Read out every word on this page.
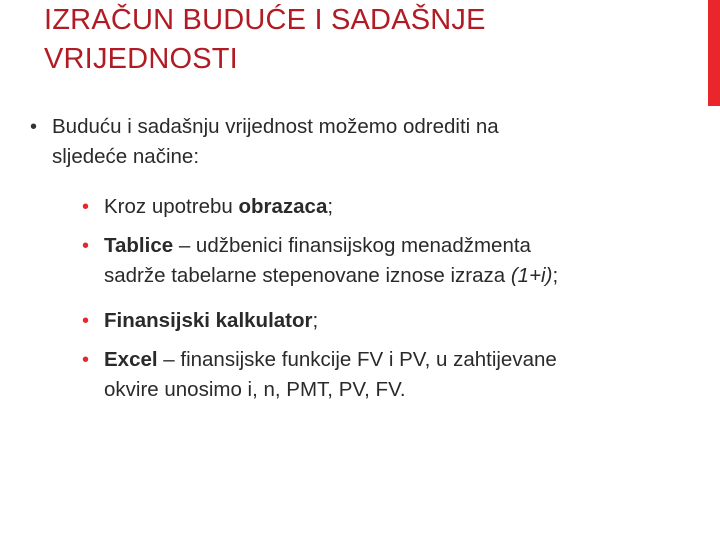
IZRAČUN BUDUĆE I SADAŠNJE
VRIJEDNOSTI
• Buduću i sadašnju vrijednost možemo odrediti na
sljedeće načine:
• Kroz upotrebu obrazaca;
• Tablice – udžbenici finansijskog menadžmenta
sadrže tabelarne stepenovane iznose izraza (1+i);
• Finansijski kalkulator;
• Excel – finansijske funkcije FV i PV, u zahtijevane
okvire unosimo i, n, PMT, PV, FV.
